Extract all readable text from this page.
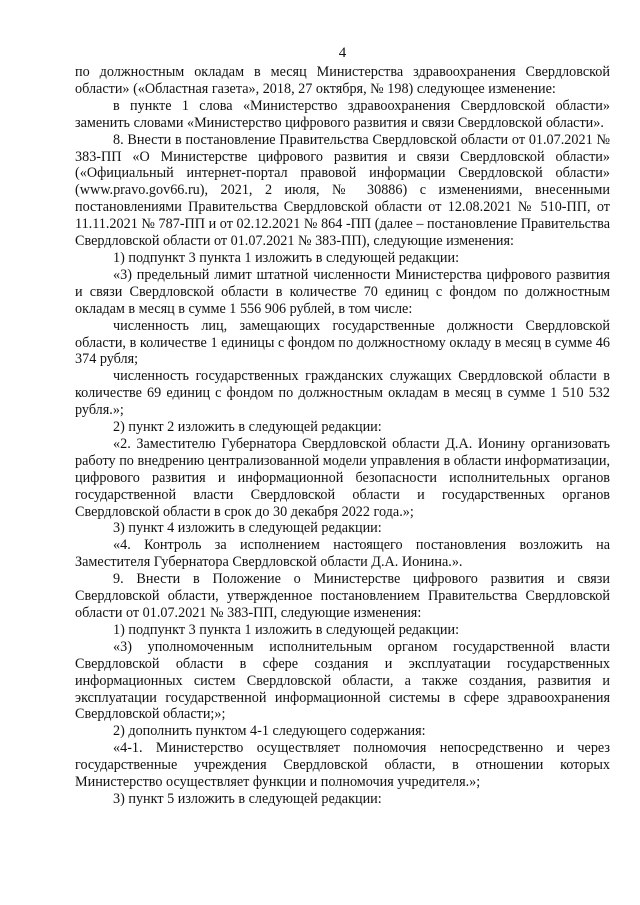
4

по должностным окладам в месяц Министерства здравоохранения Свердловской области» («Областная газета», 2018, 27 октября, № 198) следующее изменение:

в пункте 1 слова «Министерство здравоохранения Свердловской области» заменить словами «Министерство цифрового развития и связи Свердловской области».

8. Внести в постановление Правительства Свердловской области от 01.07.2021 № 383-ПП «О Министерстве цифрового развития и связи Свердловской области» («Официальный интернет-портал правовой информации Свердловской области» (www.pravo.gov66.ru), 2021, 2 июля, № 30886) с изменениями, внесенными постановлениями Правительства Свердловской области от 12.08.2021 № 510-ПП, от 11.11.2021 № 787-ПП и от 02.12.2021 № 864 -ПП (далее – постановление Правительства Свердловской области от 01.07.2021 № 383-ПП), следующие изменения:

1) подпункт 3 пункта 1 изложить в следующей редакции:

«3) предельный лимит штатной численности Министерства цифрового развития и связи Свердловской области в количестве 70 единиц с фондом по должностным окладам в месяц в сумме 1 556 906 рублей, в том числе:

численность лиц, замещающих государственные должности Свердловской области, в количестве 1 единицы с фондом по должностному окладу в месяц в сумме 46 374 рубля;

численность государственных гражданских служащих Свердловской области в количестве 69 единиц с фондом по должностным окладам в месяц в сумме 1 510 532 рубля.»;

2) пункт 2 изложить в следующей редакции:

«2. Заместителю Губернатора Свердловской области Д.А. Ионину организовать работу по внедрению централизованной модели управления в области информатизации, цифрового развития и информационной безопасности исполнительных органов государственной власти Свердловской области и государственных органов Свердловской области в срок до 30 декабря 2022 года.»;

3) пункт 4 изложить в следующей редакции:

«4. Контроль за исполнением настоящего постановления возложить на Заместителя Губернатора Свердловской области Д.А. Ионина.».

9. Внести в Положение о Министерстве цифрового развития и связи Свердловской области, утвержденное постановлением Правительства Свердловской области от 01.07.2021 № 383-ПП, следующие изменения:

1) подпункт 3 пункта 1 изложить в следующей редакции:

«3) уполномоченным исполнительным органом государственной власти Свердловской области в сфере создания и эксплуатации государственных информационных систем Свердловской области, а также создания, развития и эксплуатации государственной информационной системы в сфере здравоохранения Свердловской области;»;

2) дополнить пунктом 4-1 следующего содержания:

«4-1. Министерство осуществляет полномочия непосредственно и через государственные учреждения Свердловской области, в отношении которых Министерство осуществляет функции и полномочия учредителя.»;

3) пункт 5 изложить в следующей редакции:
